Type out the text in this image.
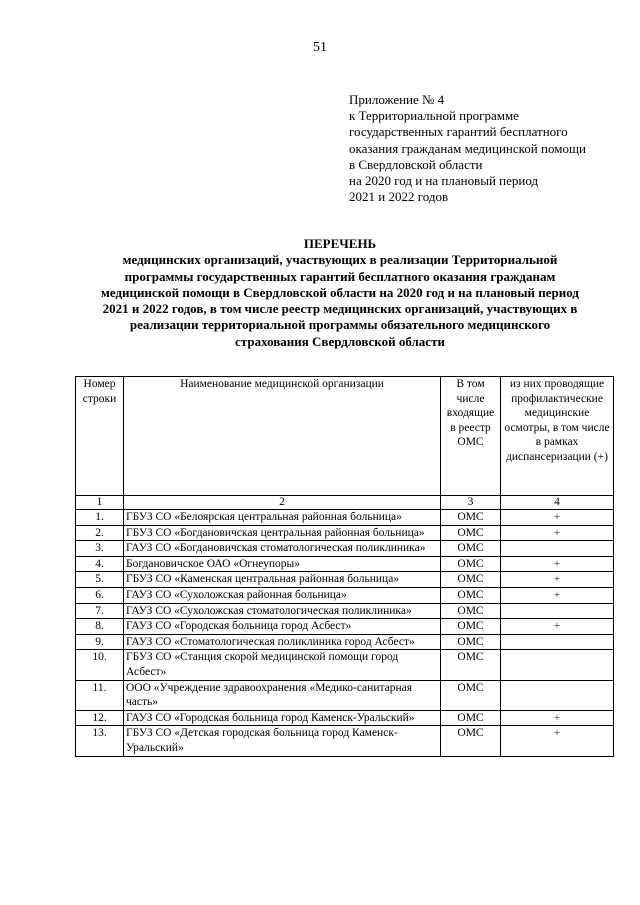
51
Приложение № 4
к Территориальной программе
государственных гарантий бесплатного
оказания гражданам медицинской помощи
в Свердловской области
на 2020 год и на плановый период
2021 и 2022 годов
ПЕРЕЧЕНЬ
медицинских организаций, участвующих в реализации Территориальной
программы государственных гарантий бесплатного оказания гражданам
медицинской помощи в Свердловской области на 2020 год и на плановый период
2021 и 2022 годов, в том числе реестр медицинских организаций, участвующих в
реализации территориальной программы обязательного медицинского
страхования Свердловской области
Номер строки	Наименование медицинской организации	В том числе входящие в реестр ОМС	из них проводящие профилактические медицинские осмотры, в том числе в рамках диспансеризации (+)
1	2	3	4
1.	ГБУЗ СО «Белоярская центральная районная больница»	ОМС	+
2.	ГБУЗ СО «Богдановичская центральная районная больница»	ОМС	+
3.	ГАУЗ СО «Богдановичская стоматологическая поликлиника»	ОМС	
4.	Богдановичское ОАО «Огнеупоры»	ОМС	+
5.	ГБУЗ СО «Каменская центральная районная больница»	ОМС	+
6.	ГАУЗ СО «Сухоложская районная больница»	ОМС	+
7.	ГАУЗ СО «Сухоложская стоматологическая поликлиника»	ОМС	
8.	ГАУЗ СО «Городская больница город Асбест»	ОМС	+
9.	ГАУЗ СО «Стоматологическая поликлиника город Асбест»	ОМС	
10.	ГБУЗ СО «Станция скорой медицинской помощи город Асбест»	ОМС	
11.	ООО «Учреждение здравоохранения «Медико-санитарная часть»	ОМС	
12.	ГАУЗ СО «Городская больница город Каменск-Уральский»	ОМС	+
13.	ГБУЗ СО «Детская городская больница город Каменск-Уральский»	ОМС	+
